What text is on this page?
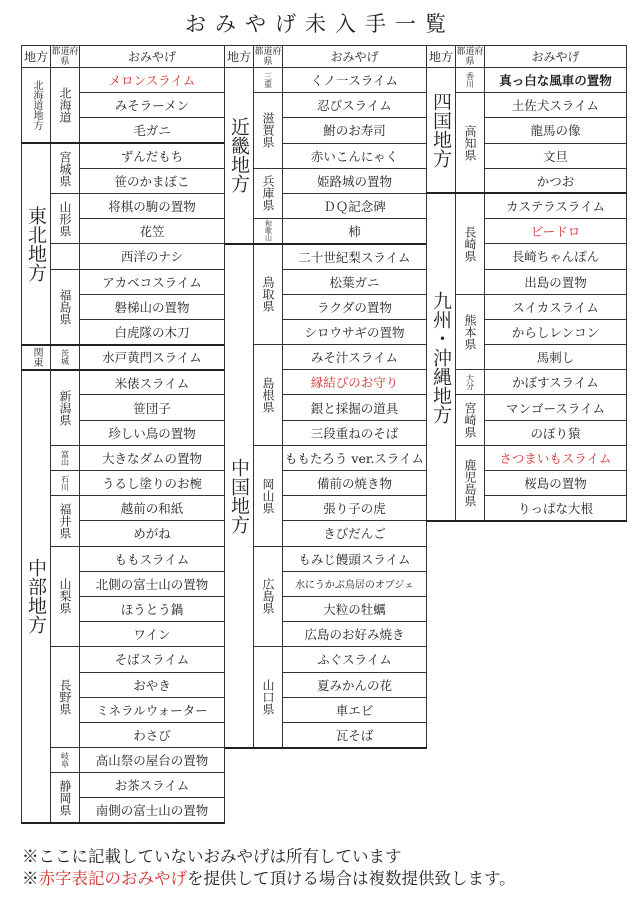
おみやげ未入手一覧
地方	都道府県	おみやげ
北海道地方	北海道	メロンスライム
		みそラーメン
		毛ガニ
東北地方	宮城県	ずんだもち
		笹のかまぼこ
	山形県	将棋の駒の置物
		花笠
		西洋のナシ
	福島県	アカベコスライム
		磐梯山の置物
		白虎隊の木刀
関東	茨城	水戸黄門スライム
中部地方	新潟県	米俵スライム
		笹団子
		珍しい鳥の置物
	富山	大きなダムの置物
	石川	うるし塗りのお椀
	福井県	越前の和紙
		めがね
	山梨県	ももスライム
		北側の富士山の置物
		ほうとう鍋
		ワイン
	長野県	そばスライム
		おやき
		ミネラルウォーター
		わさび
	岐阜	高山祭の屋台の置物
	静岡県	お茶スライム
		南側の富士山の置物
地方	都道府県	おみやげ
近畿地方	三重	くノ一スライム
	滋賀県	忍びスライム
		鮒のお寿司
		赤いこんにゃく
	兵庫県	姫路城の置物
		ＤＱ記念碑
	和歌山	柿
中国地方	鳥取県	二十世紀梨スライム
		松葉ガニ
		ラクダの置物
		シロウサギの置物
	島根県	みそ汁スライム
		縁結びのお守り
		銀と採掘の道具
		三段重ねのそば
	岡山県	ももたろう ver.スライム
		備前の焼き物
		張り子の虎
		きびだんご
	広島県	もみじ饅頭スライム
		水にうかぶ鳥居のオブジェ
		大粒の牡蠣
		広島のお好み焼き
	山口県	ふぐスライム
		夏みかんの花
		車エビ
		瓦そば
地方	都道府県	おみやげ
四国地方	香川	真っ白な風車の置物
	高知県	土佐犬スライム
		龍馬の像
		文旦
		かつお
九州・沖縄地方	長崎県	カステラスライム
		ビードロ
		長崎ちゃんぽん
		出島の置物
	熊本県	スイカスライム
		からしレンコン
		馬刺し
	大分	かぼすスライム
	宮崎県	マンゴースライム
		のぼり猿
	鹿児島県	さつまいもスライム
		桜島の置物
		りっぱな大根
※ここに記載していないおみやげは所有しています
※赤字表記のおみやげを提供して頂ける場合は複数提供致します。
